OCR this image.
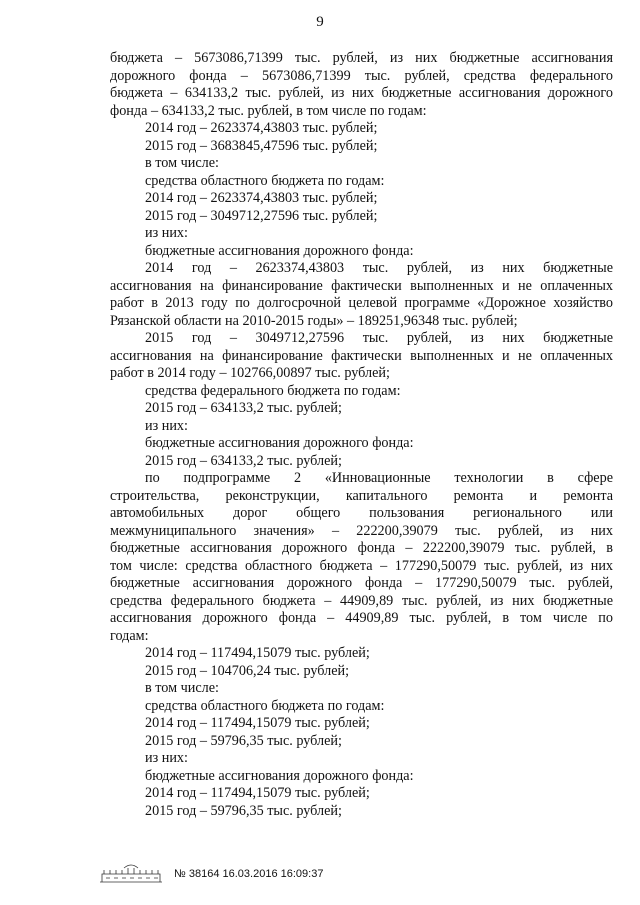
9
бюджета – 5673086,71399 тыс. рублей, из них бюджетные ассигнования
дорожного фонда – 5673086,71399 тыс. рублей, средства федерального
бюджета – 634133,2 тыс. рублей, из них бюджетные ассигнования дорожного
фонда – 634133,2 тыс. рублей, в том числе по годам:
2014 год – 2623374,43803 тыс. рублей;
2015 год – 3683845,47596 тыс. рублей;
в том числе:
средства областного бюджета по годам:
2014 год – 2623374,43803 тыс. рублей;
2015 год – 3049712,27596 тыс. рублей;
из них:
бюджетные ассигнования дорожного фонда:
2014 год – 2623374,43803 тыс. рублей, из них бюджетные
ассигнования на финансирование фактически выполненных и не оплаченных
работ в 2013 году по долгосрочной целевой программе «Дорожное хозяйство
Рязанской области на 2010-2015 годы» – 189251,96348 тыс. рублей;
2015 год – 3049712,27596 тыс. рублей, из них бюджетные
ассигнования на финансирование фактически выполненных и не оплаченных
работ в 2014 году – 102766,00897 тыс. рублей;
средства федерального бюджета по годам:
2015 год – 634133,2 тыс. рублей;
из них:
бюджетные ассигнования дорожного фонда:
2015 год – 634133,2 тыс. рублей;
по подпрограмме 2 «Инновационные технологии в сфере
строительства, реконструкции, капитального ремонта и ремонта
автомобильных дорог общего пользования регионального или
межмуниципального значения» – 222200,39079 тыс. рублей, из них
бюджетные ассигнования дорожного фонда – 222200,39079 тыс. рублей, в
том числе: средства областного бюджета – 177290,50079 тыс. рублей, из них
бюджетные ассигнования дорожного фонда – 177290,50079 тыс. рублей,
средства федерального бюджета – 44909,89 тыс. рублей, из них бюджетные
ассигнования дорожного фонда – 44909,89 тыс. рублей, в том числе по
годам:
2014 год – 117494,15079 тыс. рублей;
2015 год – 104706,24 тыс. рублей;
в том числе:
средства областного бюджета по годам:
2014 год – 117494,15079 тыс. рублей;
2015 год – 59796,35 тыс. рублей;
из них:
бюджетные ассигнования дорожного фонда:
2014 год – 117494,15079 тыс. рублей;
2015 год – 59796,35 тыс. рублей;
№ 38164 16.03.2016 16:09:37
